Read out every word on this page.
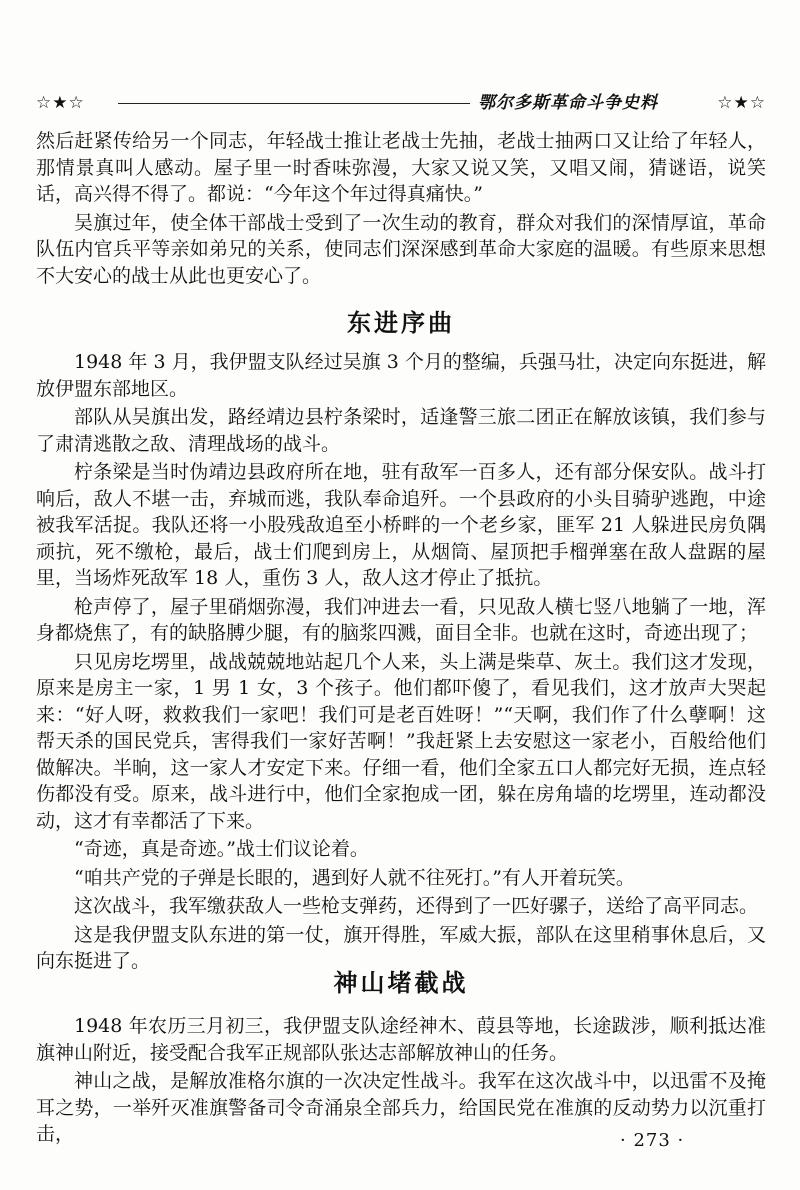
☆★☆	鄂尔多斯革命斗争史料	☆★☆

然后赶紧传给另一个同志，年轻战士推让老战士先抽，老战士抽两口又让给了年轻人，那情景真叫人感动。屋子里一时香味弥漫，大家又说又笑，又唱又闹，猜谜语，说笑话，高兴得不得了。都说：“今年这个年过得真痛快。”

吴旗过年，使全体干部战士受到了一次生动的教育，群众对我们的深情厚谊，革命队伍内官兵平等亲如弟兄的关系，使同志们深深感到革命大家庭的温暖。有些原来思想不大安心的战士从此也更安心了。

东进序曲

1948 年 3 月，我伊盟支队经过吴旗 3 个月的整编，兵强马壮，决定向东挺进，解放伊盟东部地区。

部队从吴旗出发，路经靖边县柠条梁时，适逢警三旅二团正在解放该镇，我们参与了肃清逃散之敌、清理战场的战斗。

柠条梁是当时伪靖边县政府所在地，驻有敌军一百多人，还有部分保安队。战斗打响后，敌人不堪一击，弃城而逃，我队奉命追歼。一个县政府的小头目骑驴逃跑，中途被我军活捉。我队还将一小股残敌追至小桥畔的一个老乡家，匪军 21 人躲进民房负隅顽抗，死不缴枪，最后，战士们爬到房上，从烟筒、屋顶把手榴弹塞在敌人盘踞的屋里，当场炸死敌军 18 人，重伤 3 人，敌人这才停止了抵抗。

枪声停了，屋子里硝烟弥漫，我们冲进去一看，只见敌人横七竖八地躺了一地，浑身都烧焦了，有的缺胳膊少腿，有的脑浆四溅，面目全非。也就在这时，奇迹出现了；

只见房圪塄里，战战兢兢地站起几个人来，头上满是柴草、灰土。我们这才发现，原来是房主一家，1 男 1 女，3 个孩子。他们都吓傻了，看见我们，这才放声大哭起来：“好人呀，救救我们一家吧！我们可是老百姓呀！”“天啊，我们作了什么孽啊！这帮天杀的国民党兵，害得我们一家好苦啊！”我赶紧上去安慰这一家老小，百般给他们做解决。半晌，这一家人才安定下来。仔细一看，他们全家五口人都完好无损，连点轻伤都没有受。原来，战斗进行中，他们全家抱成一团，躲在房角墙的圪塄里，连动都没动，这才有幸都活了下来。

“奇迹，真是奇迹。”战士们议论着。

“咱共产党的子弹是长眼的，遇到好人就不往死打。”有人开着玩笑。

这次战斗，我军缴获敌人一些枪支弹药，还得到了一匹好骡子，送给了高平同志。

这是我伊盟支队东进的第一仗，旗开得胜，军威大振，部队在这里稍事休息后，又向东挺进了。

神山堵截战

1948 年农历三月初三，我伊盟支队途经神木、葭县等地，长途跋涉，顺利抵达准旗神山附近，接受配合我军正规部队张达志部解放神山的任务。

神山之战，是解放准格尔旗的一次决定性战斗。我军在这次战斗中，以迅雷不及掩耳之势，一举歼灭准旗警备司令奇涌泉全部兵力，给国民党在准旗的反动势力以沉重打击，	· 273 ·
